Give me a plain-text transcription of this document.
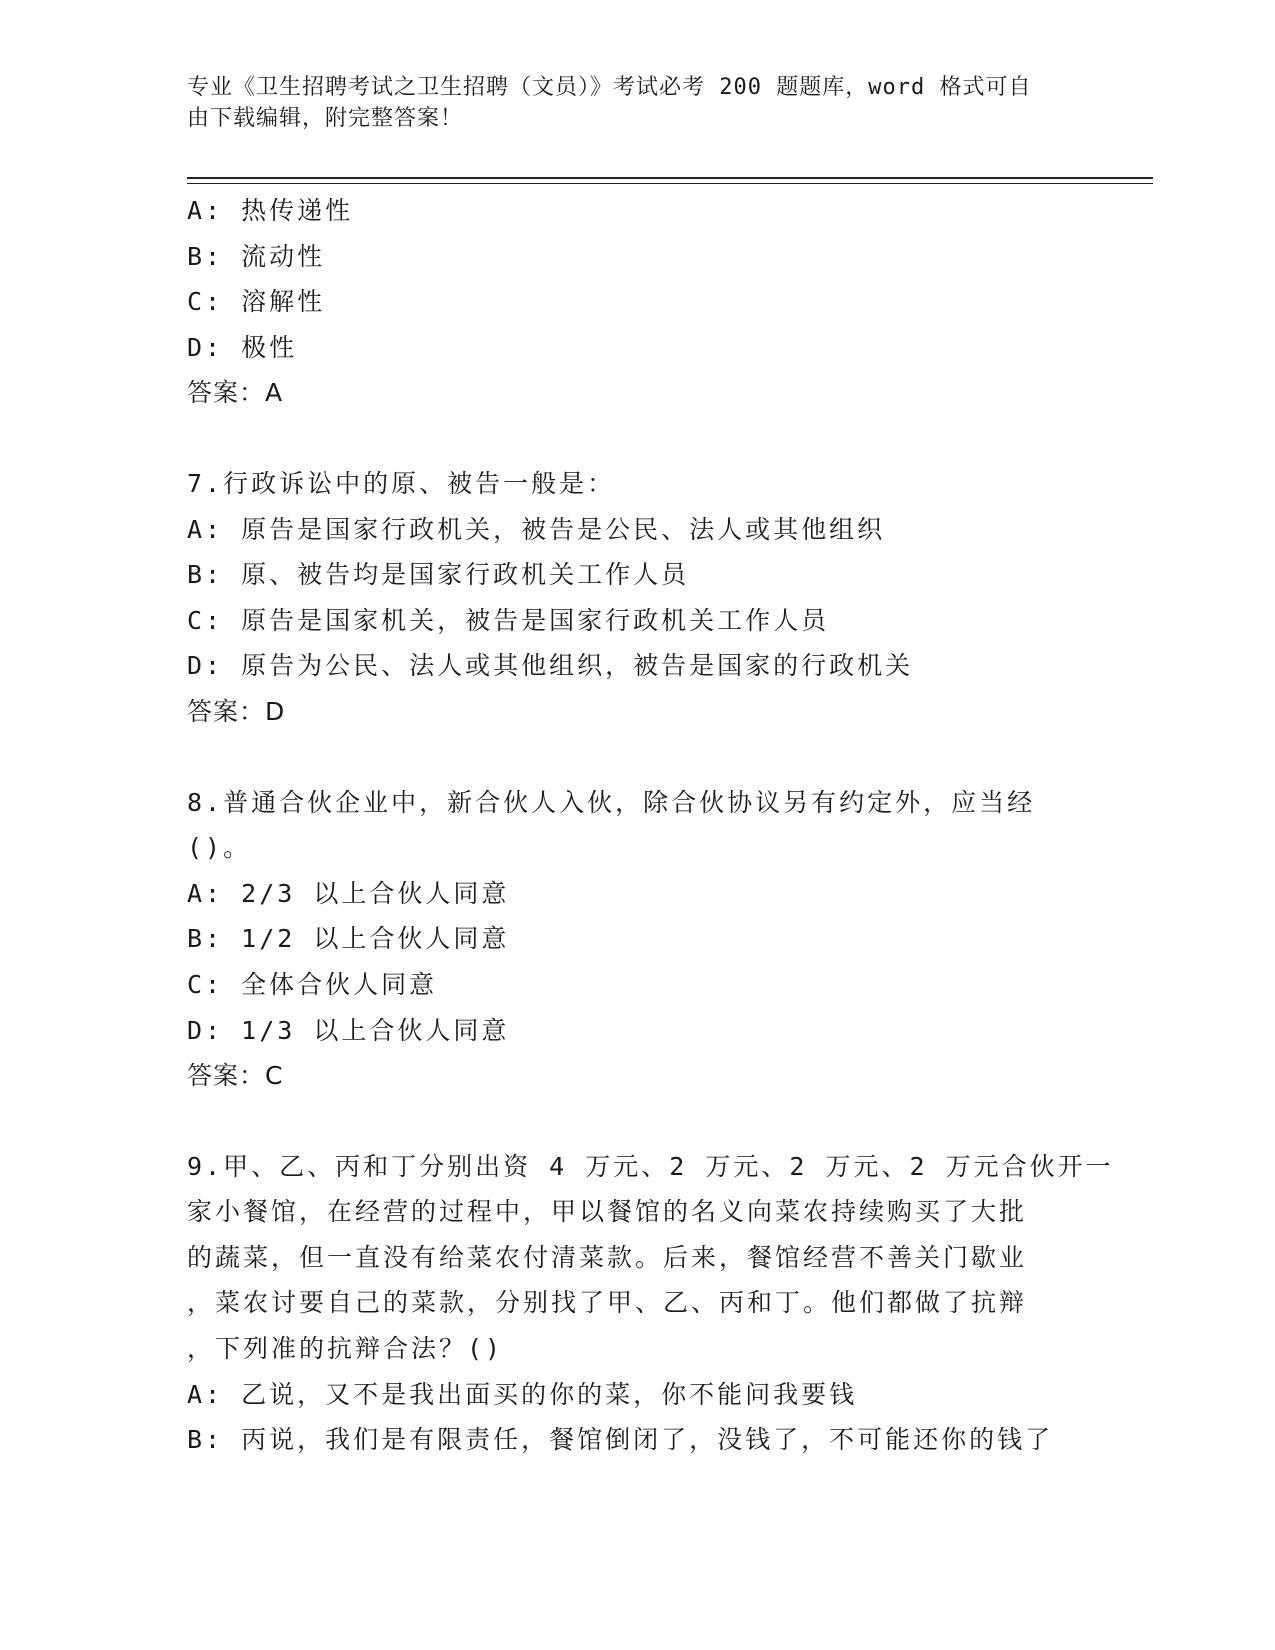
专业《卫生招聘考试之卫生招聘（文员）》考试必考 200 题题库，word 格式可自
由下载编辑，附完整答案！
A: 热传递性
B: 流动性
C: 溶解性
D: 极性
答案：A
7.行政诉讼中的原、被告一般是：
A: 原告是国家行政机关，被告是公民、法人或其他组织
B: 原、被告均是国家行政机关工作人员
C: 原告是国家机关，被告是国家行政机关工作人员
D: 原告为公民、法人或其他组织，被告是国家的行政机关
答案：D
8.普通合伙企业中，新合伙人入伙，除合伙协议另有约定外，应当经
()。
A: 2/3 以上合伙人同意
B: 1/2 以上合伙人同意
C: 全体合伙人同意
D: 1/3 以上合伙人同意
答案：C
9.甲、乙、丙和丁分别出资 4 万元、2 万元、2 万元、2 万元合伙开一
家小餐馆，在经营的过程中，甲以餐馆的名义向菜农持续购买了大批
的蔬菜，但一直没有给菜农付清菜款。后来，餐馆经营不善关门歇业
，菜农讨要自己的菜款，分别找了甲、乙、丙和丁。他们都做了抗辩
，下列准的抗辩合法？()
A: 乙说，又不是我出面买的你的菜，你不能问我要钱
B: 丙说，我们是有限责任，餐馆倒闭了，没钱了，不可能还你的钱了
